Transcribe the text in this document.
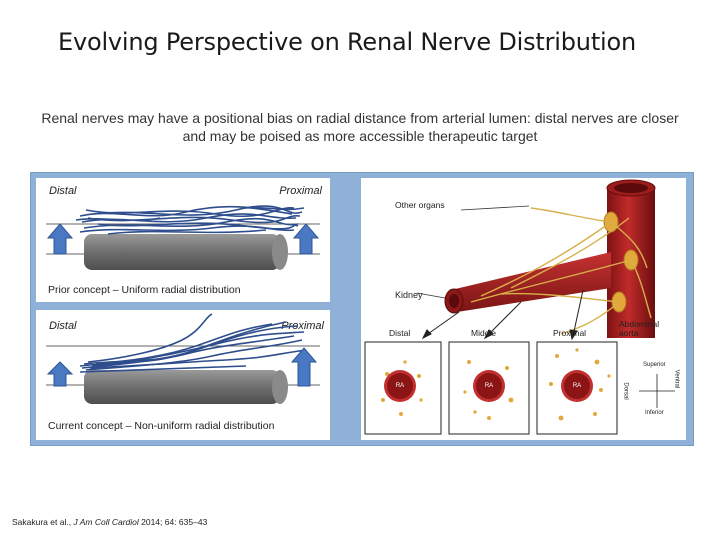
Evolving Perspective on Renal Nerve Distribution
Renal nerves may have a positional bias on radial distance from arterial lumen: distal nerves are closer and may be poised as more accessible therapeutic target
Distal	Proximal
Prior concept – Uniform radial distribution
Distal	Proximal
Current concept – Non-uniform radial distribution
Other organs
Kidney
Abdominal aorta
Distal	Middle	Proximal
RA	RA	RA
Superior
Inferior
Dorsal
Ventral
Sakakura et al., J Am Coll Cardiol 2014; 64: 635–43
